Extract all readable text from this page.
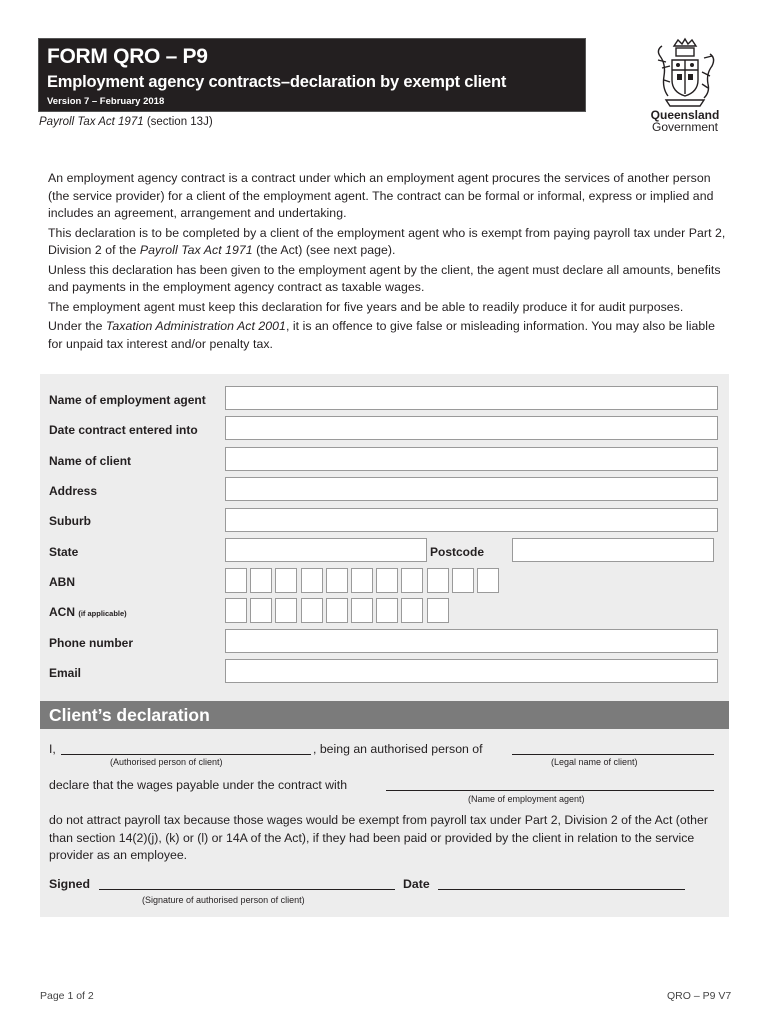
FORM QRO – P9
Employment agency contracts–declaration by exempt client
Version 7 – February 2018
Payroll Tax Act 1971 (section 13J)	Queensland
Government

An employment agency contract is a contract under which an employment agent procures the services of another person (the service provider) for a client of the employment agent. The contract can be formal or informal, express or implied and includes an agreement, arrangement and undertaking.

This declaration is to be completed by a client of the employment agent who is exempt from paying payroll tax under Part 2, Division 2 of the Payroll Tax Act 1971 (the Act) (see next page).

Unless this declaration has been given to the employment agent by the client, the agent must declare all amounts, benefits and payments in the employment agency contract as taxable wages.

The employment agent must keep this declaration for five years and be able to readily produce it for audit purposes.

Under the Taxation Administration Act 2001, it is an offence to give false or misleading information. You may also be liable for unpaid tax interest and/or penalty tax.

Name of employment agent
Date contract entered into
Name of client
Address
Suburb
State	Postcode
ABN
ACN (if applicable)
Phone number
Email
Client’s declaration
I,	, being an authorised person of
(Authorised person of client)	(Legal name of client)
declare that the wages payable under the contract with
(Name of employment agent)
do not attract payroll tax because those wages would be exempt from payroll tax under Part 2, Division 2 of the Act (other than section 14(2)(j), (k) or (l) or 14A of the Act), if they had been paid or provided by the client in relation to the service provider as an employee.
Signed	Date
(Signature of authorised person of client)
Page 1 of 2	QRO – P9 V7
